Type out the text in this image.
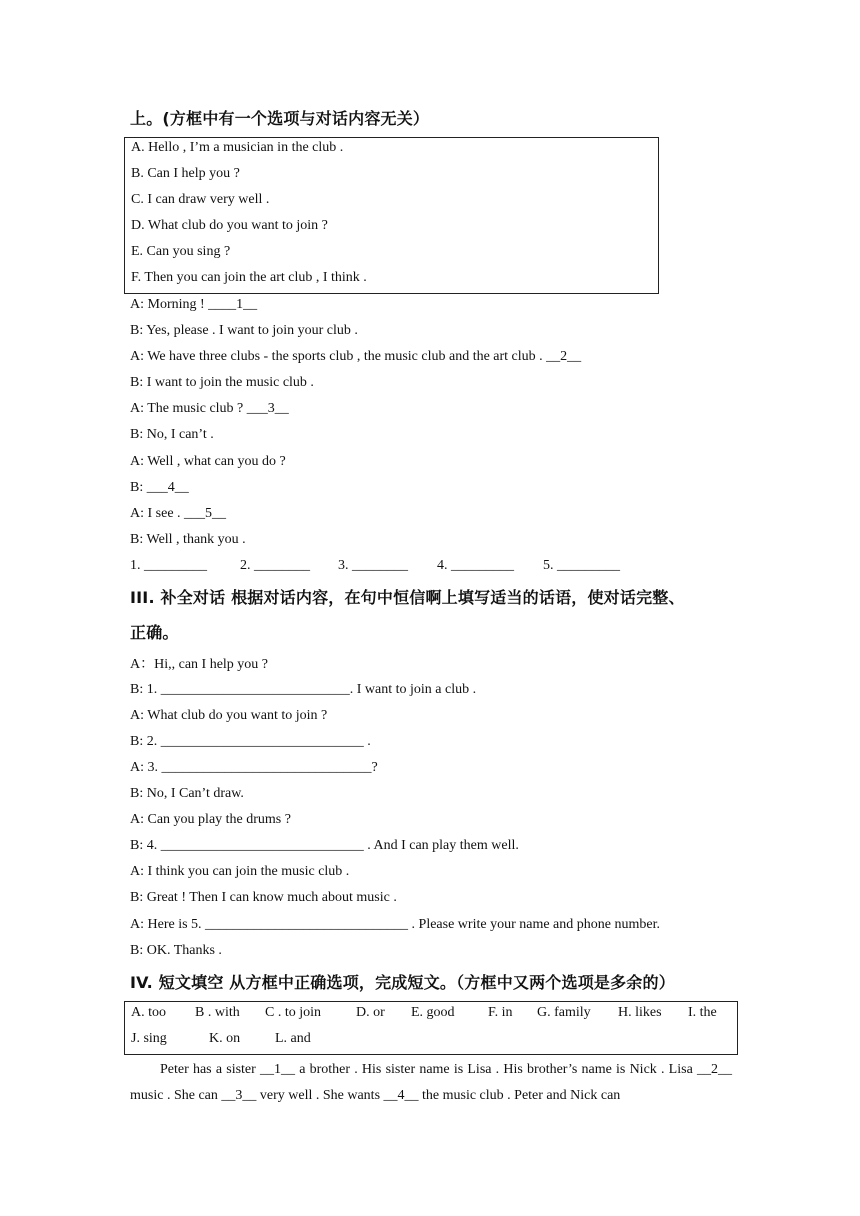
上。(方框中有一个选项与对话内容无关）
A. Hello , I’m a musician in the club .
B. Can I help you ?
C. I can draw very well .
D. What club do you want to join ?
E. Can you sing ?
F. Then you can join the art club , I think .
A: Morning ! ____1__
B: Yes, please . I want to join your club .
A: We have three clubs - the sports club , the music club and the art club . __2__
B: I want to join the music club .
A: The music club ? ___3__
B: No, I can’t .
A: Well , what can you do ?
B: ___4__
A: I see . ___5__
B: Well , thank you .
1. _________ 2. ________ 3. ________ 4. _________ 5. _________
III. 补全对话 根据对话内容，在句中恒信啊上填写适当的话语，使对话完整、
正确。
A：Hi,, can I help you ?
B: 1. ___________________________. I want to join a club .
A: What club do you want to join ?
B: 2. _____________________________ .
A: 3. ______________________________?
B: No, I Can’t draw.
A: Can you play the drums ?
B: 4. _____________________________ . And I can play them well.
A: I think you can join the music club .
B: Great ! Then I can know much about music .
A: Here is 5. _____________________________ . Please write your name and phone number.
B: OK. Thanks .
IV. 短文填空 从方框中正确选项，完成短文。（方框中又两个选项是多余的）
A. too B . with C . to join D. or E. good F. in G. family H. likes I. the
J. sing	K. on L. and
Peter has a sister __1__ a brother . His sister name is Lisa . His brother’s name is Nick . Lisa __2__ music . She can __3__ very well . She wants __4__ the music club . Peter and Nick can
